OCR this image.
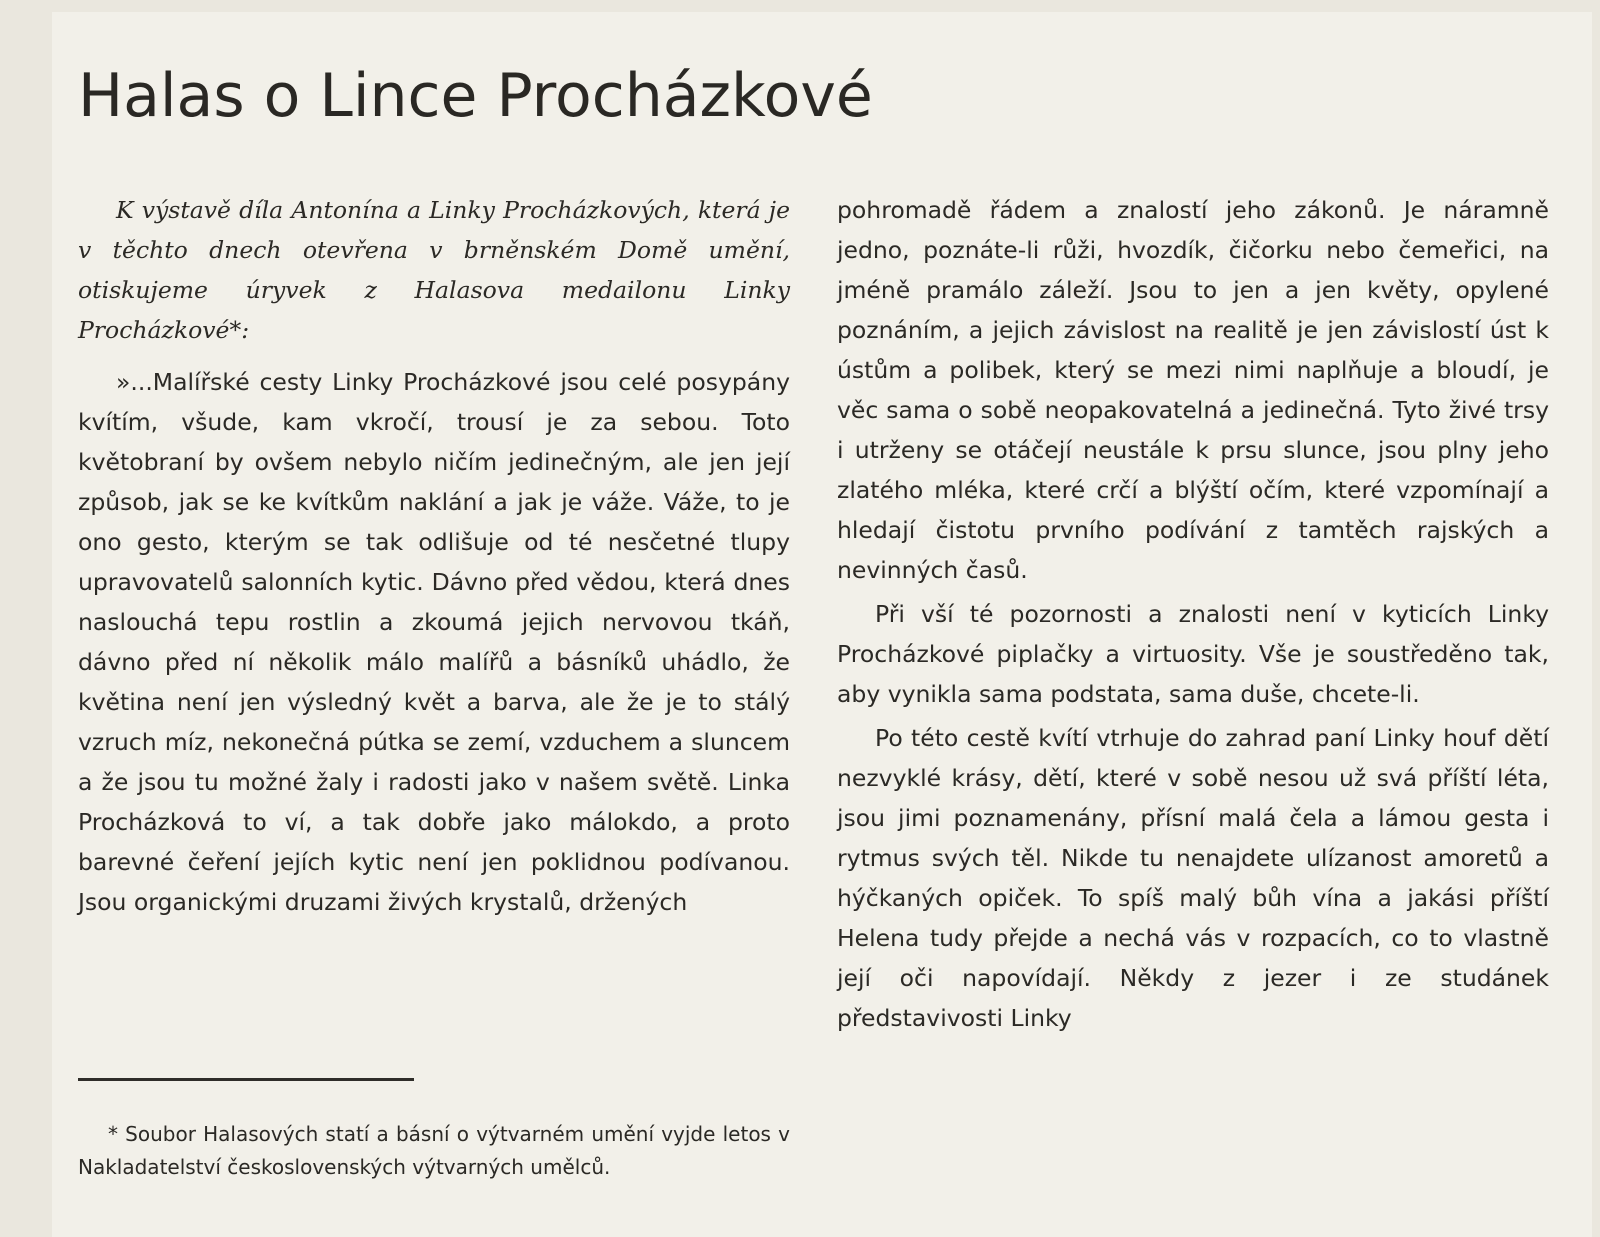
Halas o Lince Procházkové

K výstavě díla Antonína a Linky Procházkových, která je v těchto dnech otevřena v brněnském Domě umění, otiskujeme úryvek z Halasova medailonu Linky Procházkové*:

»...Malířské cesty Linky Procházkové jsou celé posypány kvítím, všude, kam vkročí, trousí je za sebou. Toto květobraní by ovšem nebylo ničím jedinečným, ale jen její způsob, jak se ke kvítkům naklání a jak je váže. Váže, to je ono gesto, kterým se tak odlišuje od té nesčetné tlupy upravovatelů salonních kytic. Dávno před vědou, která dnes naslouchá tepu rostlin a zkoumá jejich nervovou tkáň, dávno před ní několik málo malířů a básníků uhádlo, že květina není jen výsledný květ a barva, ale že je to stálý vzruch míz, nekonečná pútka se zemí, vzduchem a sluncem a že jsou tu možné žaly i radosti jako v našem světě. Linka Procházková to ví, a tak dobře jako málokdo, a proto barevné čeření jejích kytic není jen poklidnou podívanou. Jsou organickými druzami živých krystalů, držených

* Soubor Halasových statí a básní o výtvarném umění vyjde letos v Nakladatelství československých výtvarných umělců.

pohromadě řádem a znalostí jeho zákonů. Je náramně jedno, poznáte-li růži, hvozdík, čičorku nebo čemeřici, na jméně pramálo záleží. Jsou to jen a jen květy, opylené poznáním, a jejich závislost na realitě je jen závislostí úst k ústům a polibek, který se mezi nimi naplňuje a bloudí, je věc sama o sobě neopakovatelná a jedinečná. Tyto živé trsy i utrženy se otáčejí neustále k prsu slunce, jsou plny jeho zlatého mléka, které crčí a blýští očím, které vzpomínají a hledají čistotu prvního podívání z tamtěch rajských a nevinných časů.

Při vší té pozornosti a znalosti není v kyticích Linky Procházkové piplačky a virtuosity. Vše je soustředěno tak, aby vynikla sama podstata, sama duše, chcete-li.

Po této cestě kvítí vtrhuje do zahrad paní Linky houf dětí nezvyklé krásy, dětí, které v sobě nesou už svá příští léta, jsou jimi poznamenány, přísní malá čela a lámou gesta i rytmus svých těl. Nikde tu nenajdete ulízanost amoretů a hýčkaných opiček. To spíš malý bůh vína a jakási příští Helena tudy přejde a nechá vás v rozpacích, co to vlastně její oči napovídají. Někdy z jezer i ze studánek představivosti Linky
